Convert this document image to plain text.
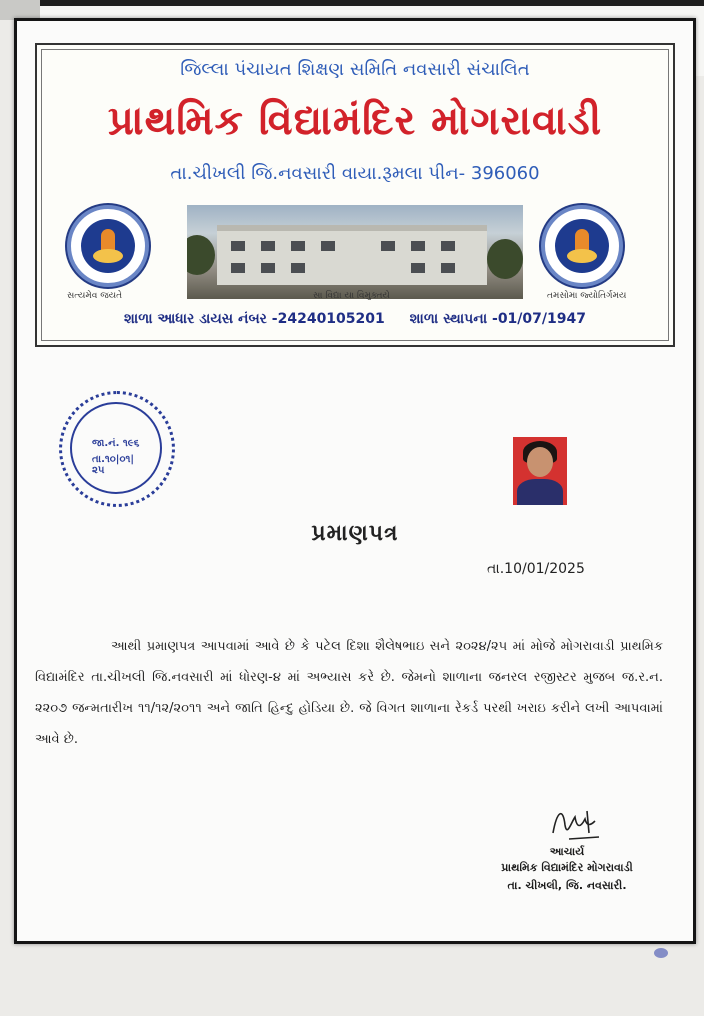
જિલ્લા પંચાયત શિક્ષણ સમિતિ નવસારી સંચાલિત
પ્રાથમિક વિદ્યામંદિર મોગરાવાડી
તા.ચીખલી જિ.નવસારી વાયા.રૂમલા પીન- 396060
સત્યમેવ જયતે	સા વિદ્યા યા વિમુક્તયે	તમસોમા જ્યોતિર્ગમય
શાળા આધાર ડાયસ નંબર -24240105201 શાળા સ્થાપના -01/07/1947
જા.નં. ૧૯૬
તા.૧૦|૦૧|૨૫
પ્રમાણપત્ર
તા.10/01/2025
આથી પ્રમાણપત્ર આપવામાં આવે છે કે પટેલ દિશા શૈલેષભાઇ સને ૨૦૨૪/૨૫ માં મોજે મોગરાવાડી પ્રાથમિક વિદ્યામંદિર તા.ચીખલી જિ.નવસારી માં ધોરણ-૪ માં અભ્યાસ કરે છે. જેમનો શાળાના જનરલ રજીસ્ટર મુજબ જ.ર.ન. ૨૨૦૭ જન્મતારીખ ૧૧/૧૨/૨૦૧૧ અને જાતિ હિન્દુ હોડિયા છે. જે વિગત શાળાના રેકર્ડ પરથી ખરાઇ કરીને લખી આપવામાં આવે છે.
આચાર્ય
પ્રાથમિક વિદ્યામંદિર મોગરાવાડી
તા. ચીખલી, જિ. નવસારી.
